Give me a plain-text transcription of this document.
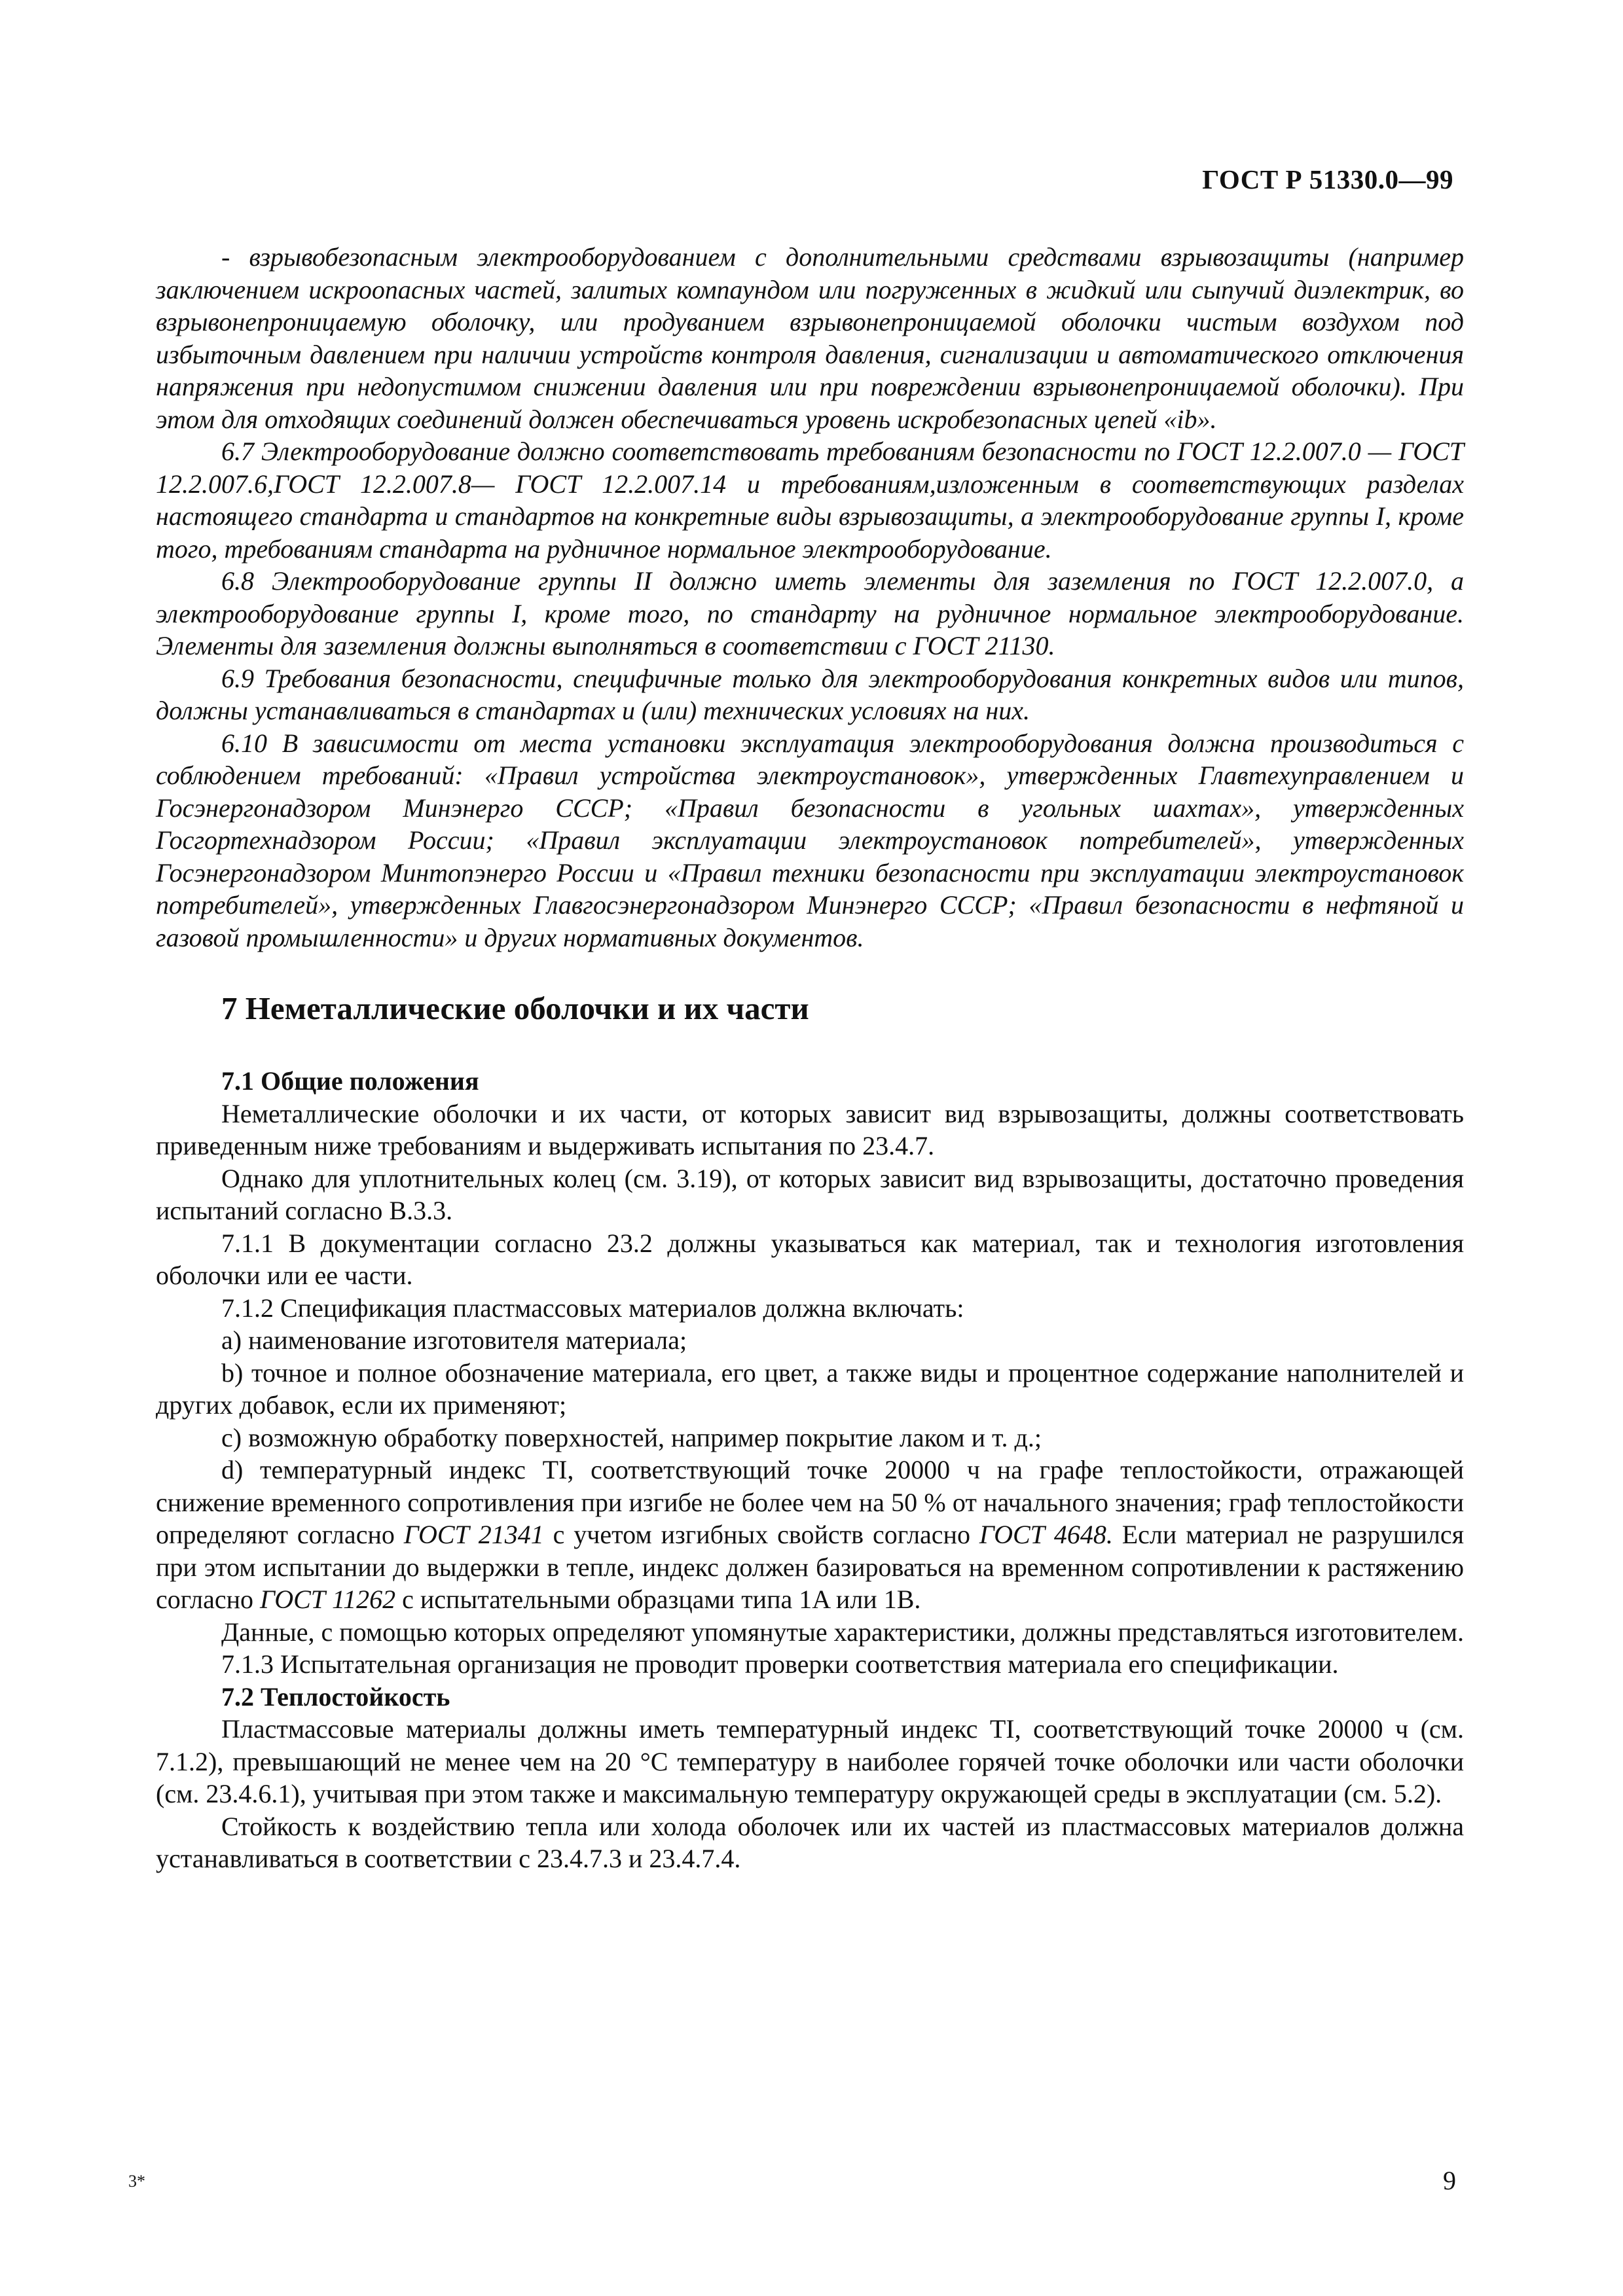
ГОСТ Р 51330.0—99

- взрывобезопасным электрооборудованием с дополнительными средствами взрывозащиты (например заключением искроопасных частей, залитых компаундом или погруженных в жидкий или сыпучий диэлектрик, во взрывонепроницаемую оболочку, или продуванием взрывонепроницаемой оболочки чистым воздухом под избыточным давлением при наличии устройств контроля давления, сигнализации и автоматического отключения напряжения при недопустимом снижении давления или при повреждении взрывонепроницаемой оболочки). При этом для отходящих соединений должен обеспечиваться уровень искробезопасных цепей «ib».

6.7 Электрооборудование должно соответствовать требованиям безопасности по ГОСТ 12.2.007.0 — ГОСТ 12.2.007.6,ГОСТ 12.2.007.8— ГОСТ 12.2.007.14 и требованиям,изложенным в соответствующих разделах настоящего стандарта и стандартов на конкретные виды взрывозащиты, а электрооборудование группы I, кроме того, требованиям стандарта на рудничное нормальное электрооборудование.

6.8 Электрооборудование группы II должно иметь элементы для заземления по ГОСТ 12.2.007.0, а электрооборудование группы I, кроме того, по стандарту на рудничное нормальное электрооборудование. Элементы для заземления должны выполняться в соответствии с ГОСТ 21130.

6.9 Требования безопасности, специфичные только для электрооборудования конкретных видов или типов, должны устанавливаться в стандартах и (или) технических условиях на них.

6.10 В зависимости от места установки эксплуатация электрооборудования должна производиться с соблюдением требований: «Правил устройства электроустановок», утвержденных Главтехуправлением и Госэнергонадзором Минэнерго СССР; «Правил безопасности в угольных шахтах», утвержденных Госгортехнадзором России; «Правил эксплуатации электроустановок потребителей», утвержденных Госэнергонадзором Минтопэнерго России и «Правил техники безопасности при эксплуатации электроустановок потребителей», утвержденных Главгосэнергонадзором Минэнерго СССР; «Правил безопасности в нефтяной и газовой промышленности» и других нормативных документов.

7 Неметаллические оболочки и их части
7.1 Общие положения

Неметаллические оболочки и их части, от которых зависит вид взрывозащиты, должны соответствовать приведенным ниже требованиям и выдерживать испытания по 23.4.7.

Однако для уплотнительных колец (см. 3.19), от которых зависит вид взрывозащиты, достаточно проведения испытаний согласно В.3.3.

7.1.1 В документации согласно 23.2 должны указываться как материал, так и технология изготовления оболочки или ее части.

7.1.2 Спецификация пластмассовых материалов должна включать:

a) наименование изготовителя материала;

b) точное и полное обозначение материала, его цвет, а также виды и процентное содержание наполнителей и других добавок, если их применяют;

c) возможную обработку поверхностей, например покрытие лаком и т. д.;

d) температурный индекс TI, соответствующий точке 20000 ч на графе теплостойкости, отражающей снижение временного сопротивления при изгибе не более чем на 50 % от начального значения; граф теплостойкости определяют согласно ГОСТ 21341 с учетом изгибных свойств согласно ГОСТ 4648. Если материал не разрушился при этом испытании до выдержки в тепле, индекс должен базироваться на временном сопротивлении к растяжению согласно ГОСТ 11262 с испытательными образцами типа 1A или 1B.

Данные, с помощью которых определяют упомянутые характеристики, должны представляться изготовителем.

7.1.3 Испытательная организация не проводит проверки соответствия материала его спецификации.

7.2 Теплостойкость

Пластмассовые материалы должны иметь температурный индекс TI, соответствующий точке 20000 ч (см. 7.1.2), превышающий не менее чем на 20 °C температуру в наиболее горячей точке оболочки или части оболочки (см. 23.4.6.1), учитывая при этом также и максимальную температуру окружающей среды в эксплуатации (см. 5.2).

Стойкость к воздействию тепла или холода оболочек или их частей из пластмассовых материалов должна устанавливаться в соответствии с 23.4.7.3 и 23.4.7.4.

3*	9
